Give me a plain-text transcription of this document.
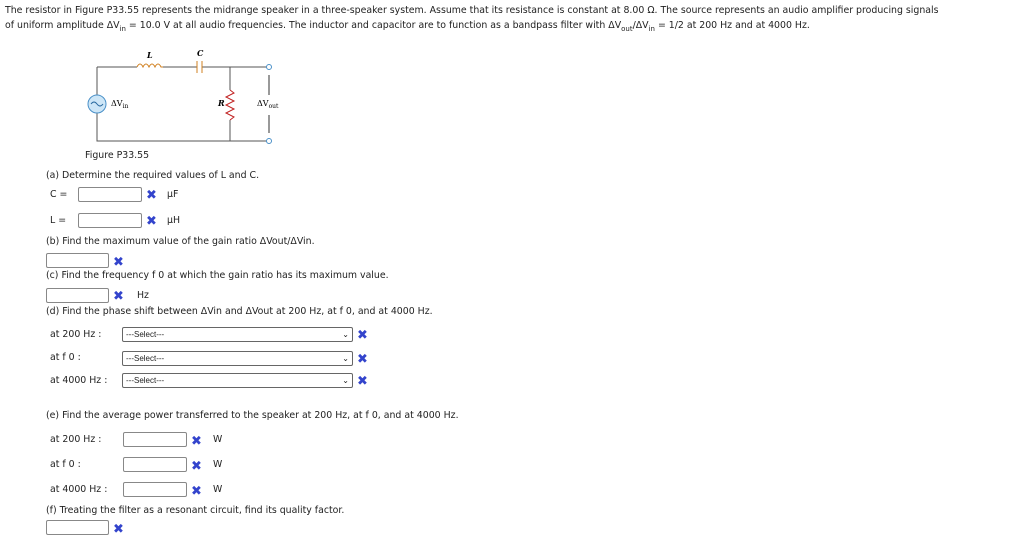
The resistor in Figure P33.55 represents the midrange speaker in a three-speaker system. Assume that its resistance is constant at 8.00 Ω. The source represents an audio amplifier producing signals
of uniform amplitude $\Delta V_{in} = 10.0$ V at all audio frequencies. The inductor and capacitor are to function as a bandpass filter with $\Delta V_{out}/\Delta V_{in} = 1/2$ at 200 Hz and at 4000 Hz.
L	C
R
$\Delta V_{in}$	$\Delta V_{out}$
Figure P33.55
(a) Determine the required values of L and C.
C =	✖ µF
L =	✖ µH
(b) Find the maximum value of the gain ratio ΔVout/ΔVin.
✖
(c) Find the frequency f 0 at which the gain ratio has its maximum value.
✖ Hz
(d) Find the phase shift between ΔVin and ΔVout at 200 Hz, at f 0, and at 4000 Hz.
at 200 Hz :	---Select---	⌄ ✖
at f 0 :	---Select---	⌄ ✖
at 4000 Hz :	---Select---	⌄ ✖
(e) Find the average power transferred to the speaker at 200 Hz, at f 0, and at 4000 Hz.
at 200 Hz :	✖ W
at f 0 :	✖ W
at 4000 Hz :	✖ W
(f) Treating the filter as a resonant circuit, find its quality factor.
✖
